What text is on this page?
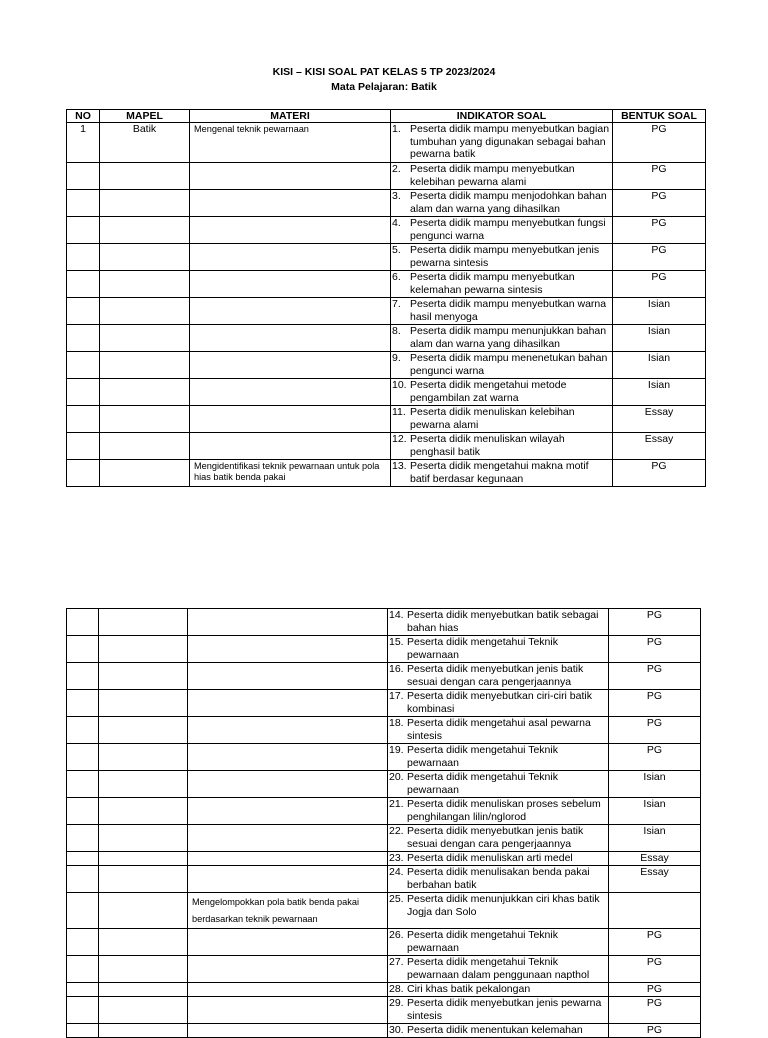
KISI – KISI SOAL PAT KELAS 5 TP 2023/2024
Mata Pelajaran: Batik
NO	MAPEL	MATERI	INDIKATOR SOAL	BENTUK SOAL
1	Batik	Mengenal teknik pewarnaan	1. Peserta didik mampu menyebutkan bagian tumbuhan yang digunakan sebagai bahan pewarna batik	PG

			2. Peserta didik mampu menyebutkan kelebihan pewarna alami	PG

			3. Peserta didik mampu menjodohkan bahan alam dan warna yang dihasilkan	PG

			4. Peserta didik mampu menyebutkan fungsi pengunci warna	PG

			5. Peserta didik mampu menyebutkan jenis pewarna sintesis	PG

			6. Peserta didik mampu menyebutkan kelemahan pewarna sintesis	PG

			7. Peserta didik mampu menyebutkan warna hasil menyoga	Isian

			8. Peserta didik mampu menunjukkan bahan alam dan warna yang dihasilkan	Isian

			9. Peserta didik mampu menenetukan bahan pengunci warna	Isian

			10. Peserta didik mengetahui metode pengambilan zat warna	Isian

			11. Peserta didik menuliskan kelebihan pewarna alami	Essay

			12. Peserta didik menuliskan wilayah penghasil batik	Essay
		Mengidentifikasi teknik pewarnaan untuk pola hias batik benda pakai	13. Peserta didik mengetahui makna motif batif berdasar kegunaan	PG

			14. Peserta didik menyebutkan batik sebagai bahan hias	PG

			15. Peserta didik mengetahui Teknik pewarnaan	PG

			16. Peserta didik menyebutkan jenis batik sesuai dengan cara pengerjaannya	PG

			17. Peserta didik menyebutkan ciri-ciri batik kombinasi	PG

			18. Peserta didik mengetahui asal pewarna sintesis	PG

			19. Peserta didik mengetahui Teknik pewarnaan	PG

			20. Peserta didik mengetahui Teknik pewarnaan	Isian

			21. Peserta didik menuliskan proses sebelum penghilangan lilin/nglorod	Isian

			22. Peserta didik menyebutkan jenis batik sesuai dengan cara pengerjaannya	Isian

			23. Peserta didik menuliskan arti medel	Essay

			24. Peserta didik menulisakan benda pakai berbahan batik	Essay
		Mengelompokkan pola batik benda pakai berdasarkan teknik pewarnaan	25. Peserta didik menunjukkan ciri khas batik Jogja dan Solo	

			26. Peserta didik mengetahui Teknik pewarnaan	PG

			27. Peserta didik mengetahui Teknik pewarnaan dalam penggunaan napthol	PG

			28. Ciri khas batik pekalongan	PG

			29. Peserta didik menyebutkan jenis pewarna sintesis	PG

			30. Peserta didik menentukan kelemahan	PG
